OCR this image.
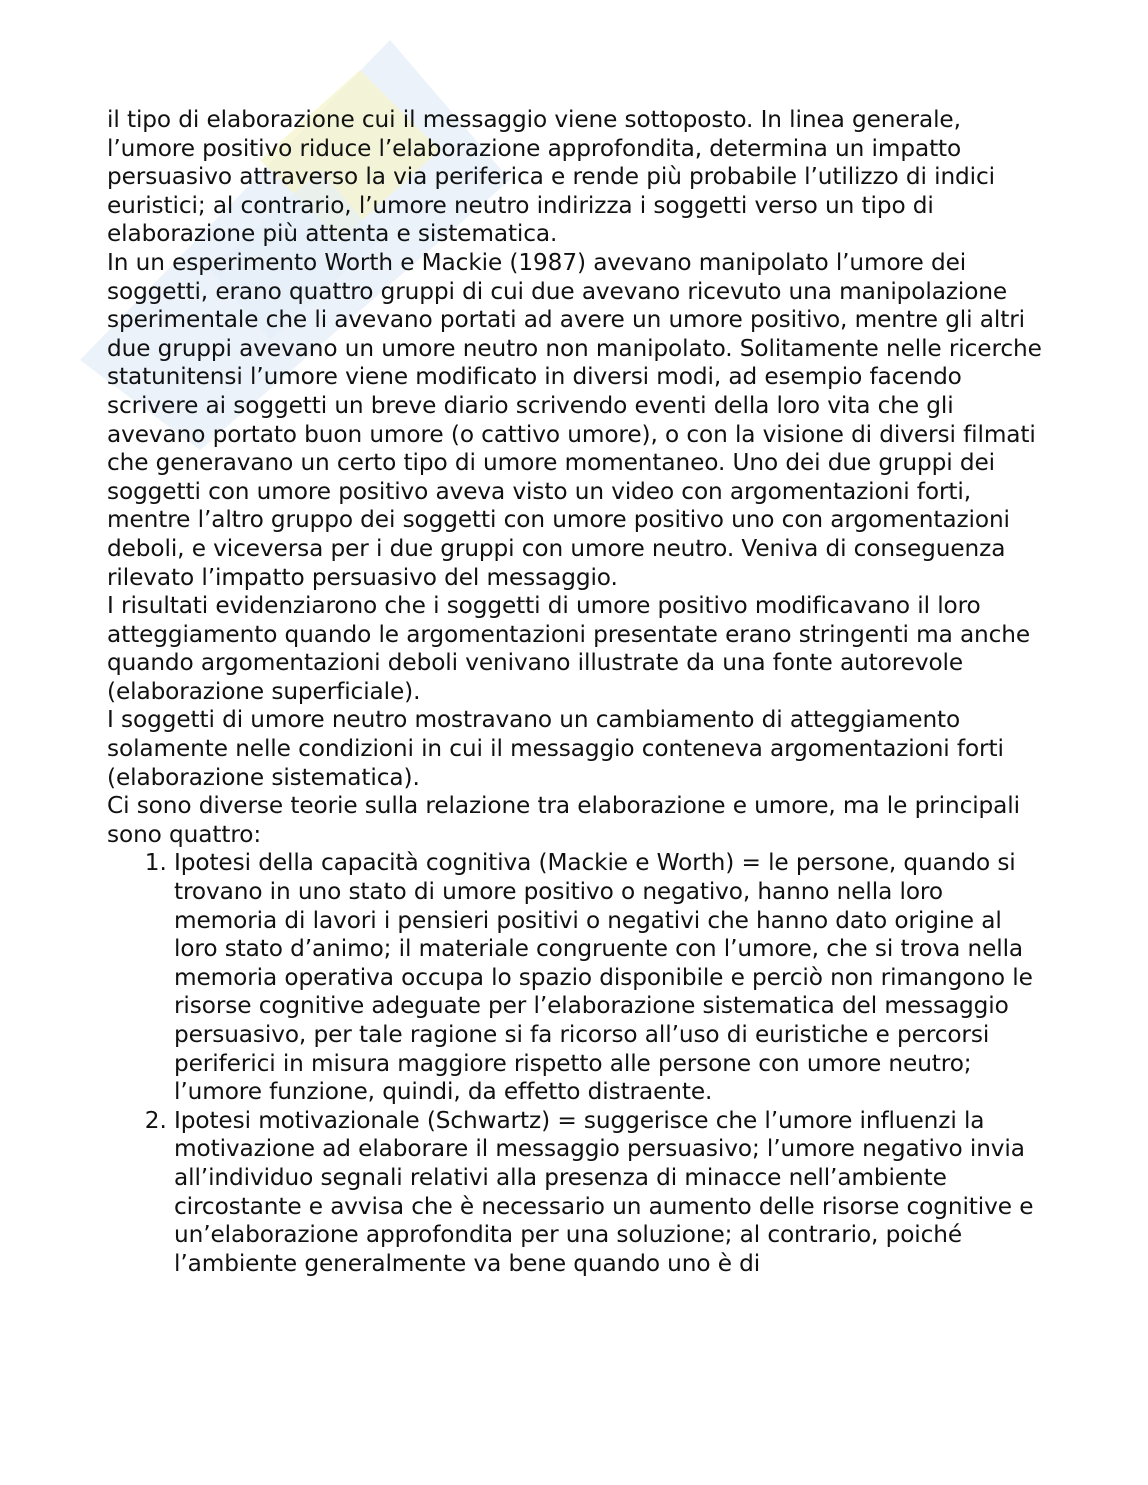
il tipo di elaborazione cui il messaggio viene sottoposto. In linea generale, l’umore positivo riduce l’elaborazione approfondita, determina un impatto persuasivo attraverso la via periferica e rende più probabile l’utilizzo di indici euristici; al contrario, l’umore neutro indirizza i soggetti verso un tipo di elaborazione più attenta e sistematica.

In un esperimento Worth e Mackie (1987) avevano manipolato l’umore dei soggetti, erano quattro gruppi di cui due avevano ricevuto una manipolazione sperimentale che li avevano portati ad avere un umore positivo, mentre gli altri due gruppi avevano un umore neutro non manipolato. Solitamente nelle ricerche statunitensi l’umore viene modificato in diversi modi, ad esempio facendo scrivere ai soggetti un breve diario scrivendo eventi della loro vita che gli avevano portato buon umore (o cattivo umore), o con la visione di diversi filmati che generavano un certo tipo di umore momentaneo. Uno dei due gruppi dei soggetti con umore positivo aveva visto un video con argomentazioni forti, mentre l’altro gruppo dei soggetti con umore positivo uno con argomentazioni deboli, e viceversa per i due gruppi con umore neutro. Veniva di conseguenza rilevato l’impatto persuasivo del messaggio.

I risultati evidenziarono che i soggetti di umore positivo modificavano il loro atteggiamento quando le argomentazioni presentate erano stringenti ma anche quando argomentazioni deboli venivano illustrate da una fonte autorevole (elaborazione superficiale).

I soggetti di umore neutro mostravano un cambiamento di atteggiamento solamente nelle condizioni in cui il messaggio conteneva argomentazioni forti (elaborazione sistematica).

Ci sono diverse teorie sulla relazione tra elaborazione e umore, ma le principali sono quattro:

1. Ipotesi della capacità cognitiva (Mackie e Worth) = le persone, quando si trovano in uno stato di umore positivo o negativo, hanno nella loro memoria di lavori i pensieri positivi o negativi che hanno dato origine al loro stato d’animo; il materiale congruente con l’umore, che si trova nella memoria operativa occupa lo spazio disponibile e perciò non rimangono le risorse cognitive adeguate per l’elaborazione sistematica del messaggio persuasivo, per tale ragione si fa ricorso all’uso di euristiche e percorsi periferici in misura maggiore rispetto alle persone con umore neutro; l’umore funzione, quindi, da effetto distraente.
2. Ipotesi motivazionale (Schwartz) = suggerisce che l’umore influenzi la motivazione ad elaborare il messaggio persuasivo; l’umore negativo invia all’individuo segnali relativi alla presenza di minacce nell’ambiente circostante e avvisa che è necessario un aumento delle risorse cognitive e un’elaborazione approfondita per una soluzione; al contrario, poiché l’ambiente generalmente va bene quando uno è di
